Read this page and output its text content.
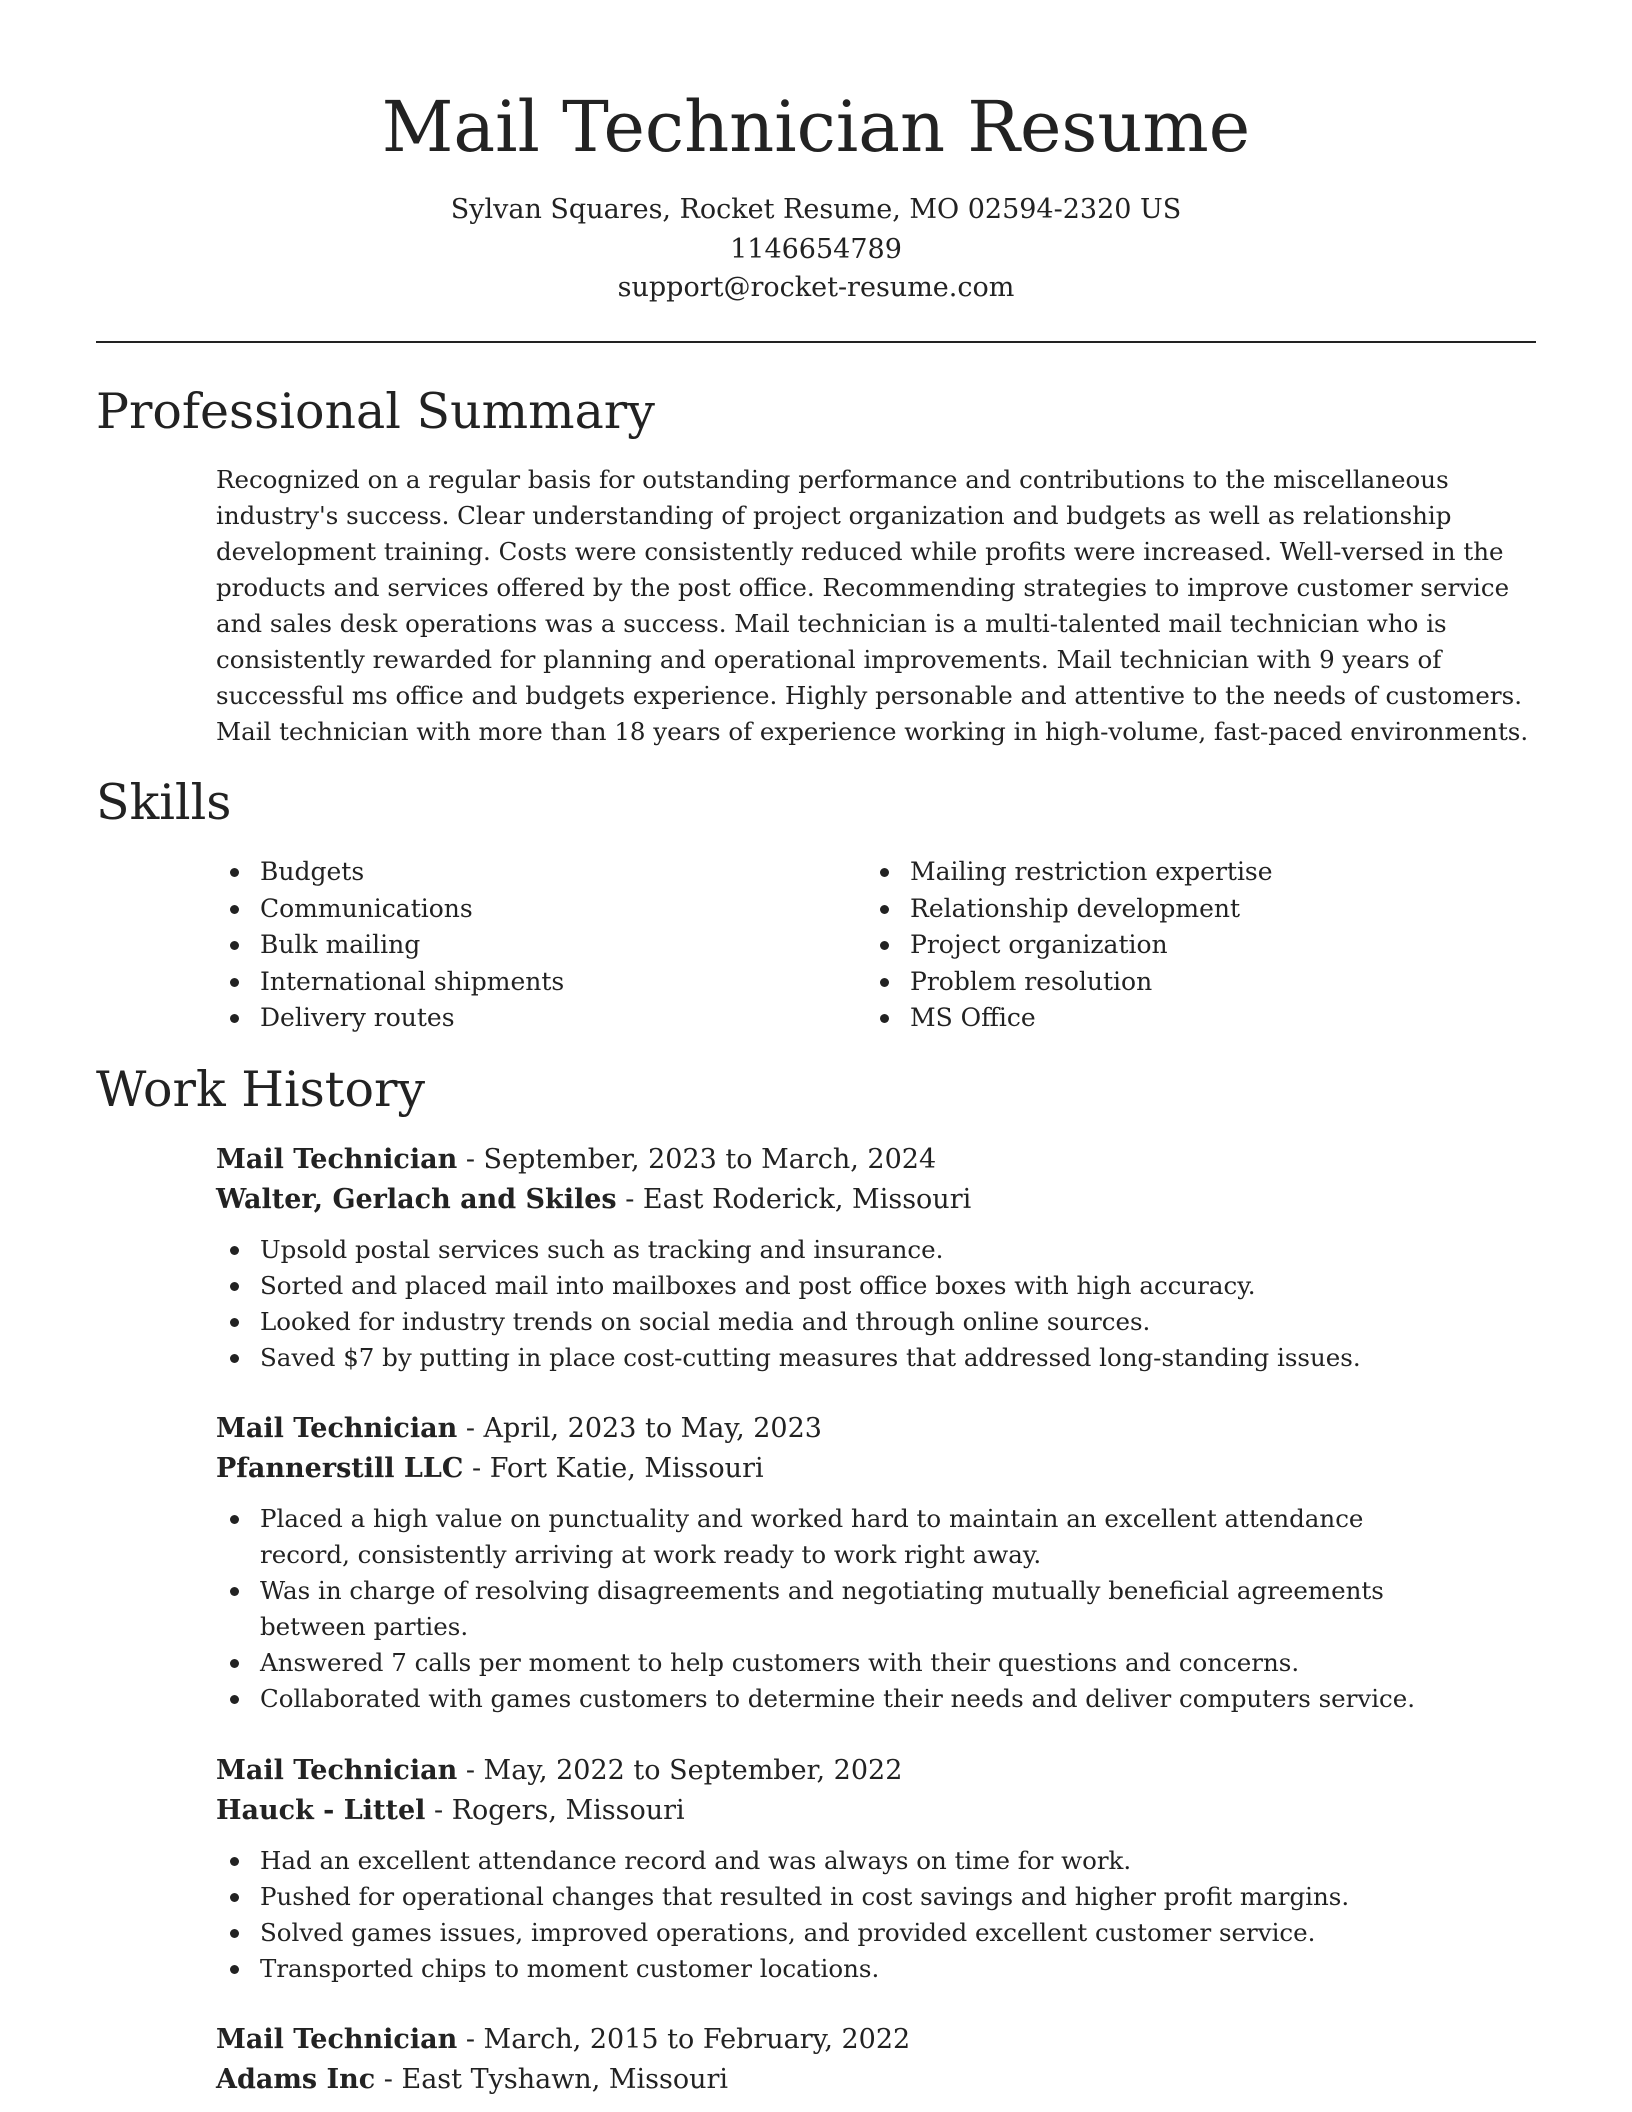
Mail Technician Resume
Sylvan Squares, Rocket Resume, MO 02594-2320 US
1146654789
support@rocket-resume.com
Professional Summary

Recognized on a regular basis for outstanding performance and contributions to the miscellaneous industry's success. Clear understanding of project organization and budgets as well as relationship development training. Costs were consistently reduced while profits were increased. Well-versed in the products and services offered by the post office. Recommending strategies to improve customer service and sales desk operations was a success. Mail technician is a multi-talented mail technician who is consistently rewarded for planning and operational improvements. Mail technician with 9 years of successful ms office and budgets experience. Highly personable and attentive to the needs of customers. Mail technician with more than 18 years of experience working in high-volume, fast-paced environments.

Skills
Budgets
Communications
Bulk mailing
International shipments
Delivery routes
Mailing restriction expertise
Relationship development
Project organization
Problem resolution
MS Office
Work History
Mail Technician - September, 2023 to March, 2024
Walter, Gerlach and Skiles - East Roderick, Missouri
Upsold postal services such as tracking and insurance.
Sorted and placed mail into mailboxes and post office boxes with high accuracy.
Looked for industry trends on social media and through online sources.
Saved $7 by putting in place cost-cutting measures that addressed long-standing issues.
Mail Technician - April, 2023 to May, 2023
Pfannerstill LLC - Fort Katie, Missouri
Placed a high value on punctuality and worked hard to maintain an excellent attendance record, consistently arriving at work ready to work right away.
Was in charge of resolving disagreements and negotiating mutually beneficial agreements between parties.
Answered 7 calls per moment to help customers with their questions and concerns.
Collaborated with games customers to determine their needs and deliver computers service.
Mail Technician - May, 2022 to September, 2022
Hauck - Littel - Rogers, Missouri
Had an excellent attendance record and was always on time for work.
Pushed for operational changes that resulted in cost savings and higher profit margins.
Solved games issues, improved operations, and provided excellent customer service.
Transported chips to moment customer locations.
Mail Technician - March, 2015 to February, 2022
Adams Inc - East Tyshawn, Missouri
